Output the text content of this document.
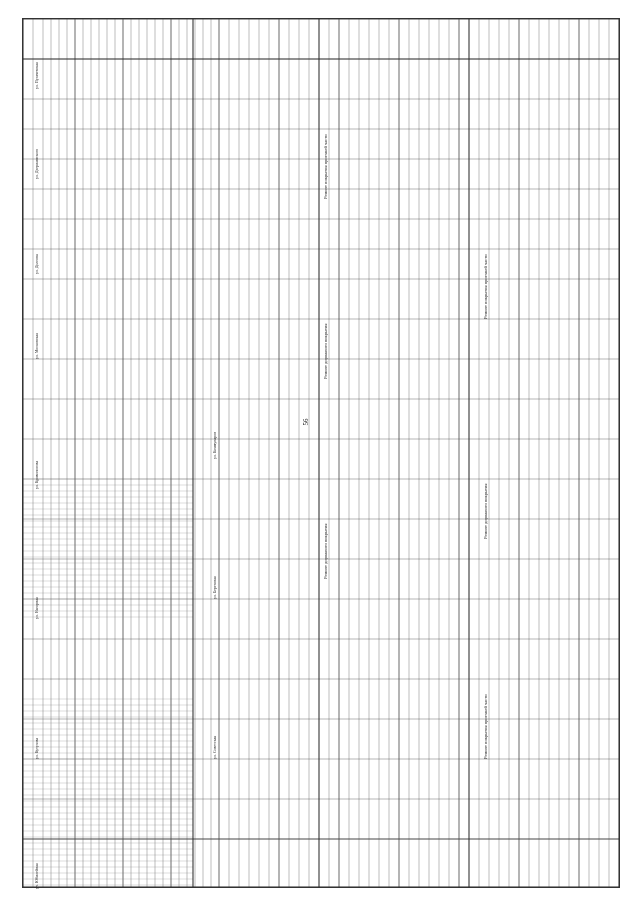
56
ул. Пугачевская
ул. Дзержинского
ул. Долгова
ул. Московская
ул. Кривоносова
ул. Нагорная
ул. Кутузова
ул. Юбилейная
ул. Советская
ул. Березовая
ул. Коммунаров
Ремонт дорожного покрытия
Ремонт покрытия проезжей части
Ремонт дорожного покрытия
Ремонт покрытия проезжей части
Ремонт дорожного покрытия
Ремонт покрытия проезжей части
